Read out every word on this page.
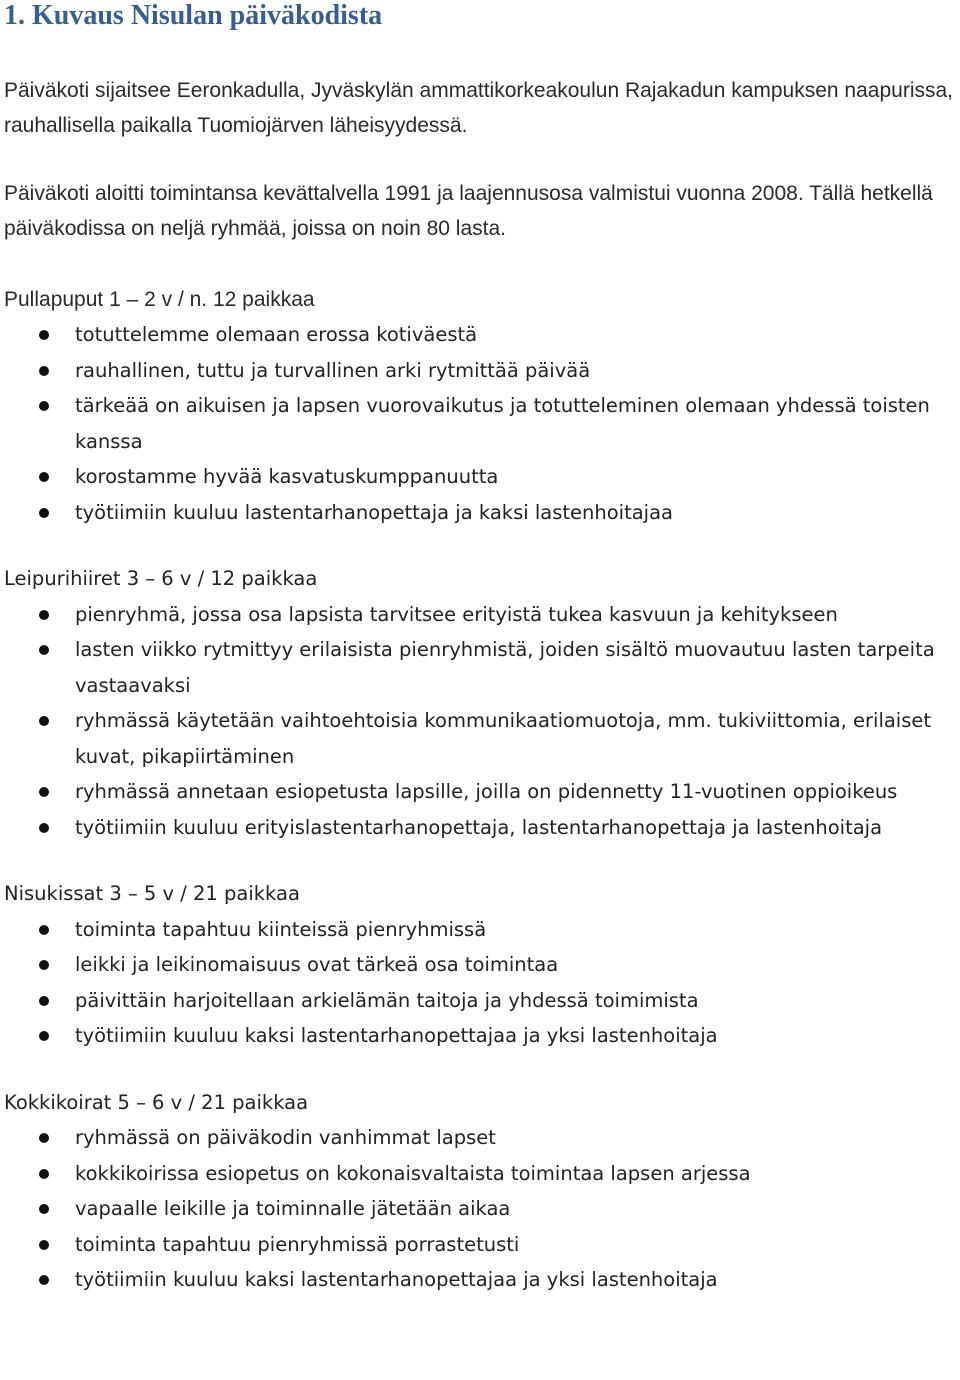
1. Kuvaus Nisulan päiväkodista

Päiväkoti sijaitsee Eeronkadulla, Jyväskylän ammattikorkeakoulun Rajakadun kampuksen naapurissa, rauhallisella paikalla Tuomiojärven läheisyydessä.

Päiväkoti aloitti toimintansa kevättalvella 1991 ja laajennusosa valmistui vuonna 2008. Tällä hetkellä päiväkodissa on neljä ryhmää, joissa on noin 80 lasta.

Pullapuput 1 – 2 v / n. 12 paikkaa

totuttelemme olemaan erossa kotiväestä
rauhallinen, tuttu ja turvallinen arki rytmittää päivää
tärkeää on aikuisen ja lapsen vuorovaikutus ja totutteleminen olemaan yhdessä toisten kanssa
korostamme hyvää kasvatuskumppanuutta
työtiimiin kuuluu lastentarhanopettaja ja kaksi lastenhoitajaa

Leipurihiiret 3 – 6 v / 12 paikkaa

pienryhmä, jossa osa lapsista tarvitsee erityistä tukea kasvuun ja kehitykseen
lasten viikko rytmittyy erilaisista pienryhmistä, joiden sisältö muovautuu lasten tarpeita vastaavaksi
ryhmässä käytetään vaihtoehtoisia kommunikaatiomuotoja, mm. tukiviittomia, erilaiset kuvat, pikapiirtäminen
ryhmässä annetaan esiopetusta lapsille, joilla on pidennetty 11-vuotinen oppioikeus
työtiimiin kuuluu erityislastentarhanopettaja, lastentarhanopettaja ja lastenhoitaja

Nisukissat 3 – 5 v / 21 paikkaa

toiminta tapahtuu kiinteissä pienryhmissä
leikki ja leikinomaisuus ovat tärkeä osa toimintaa
päivittäin harjoitellaan arkielämän taitoja ja yhdessä toimimista
työtiimiin kuuluu kaksi lastentarhanopettajaa ja yksi lastenhoitaja

Kokkikoirat 5 – 6 v / 21 paikkaa

ryhmässä on päiväkodin vanhimmat lapset
kokkikoirissa esiopetus on kokonaisvaltaista toimintaa lapsen arjessa
vapaalle leikille ja toiminnalle jätetään aikaa
toiminta tapahtuu pienryhmissä porrastetusti
työtiimiin kuuluu kaksi lastentarhanopettajaa ja yksi lastenhoitaja
